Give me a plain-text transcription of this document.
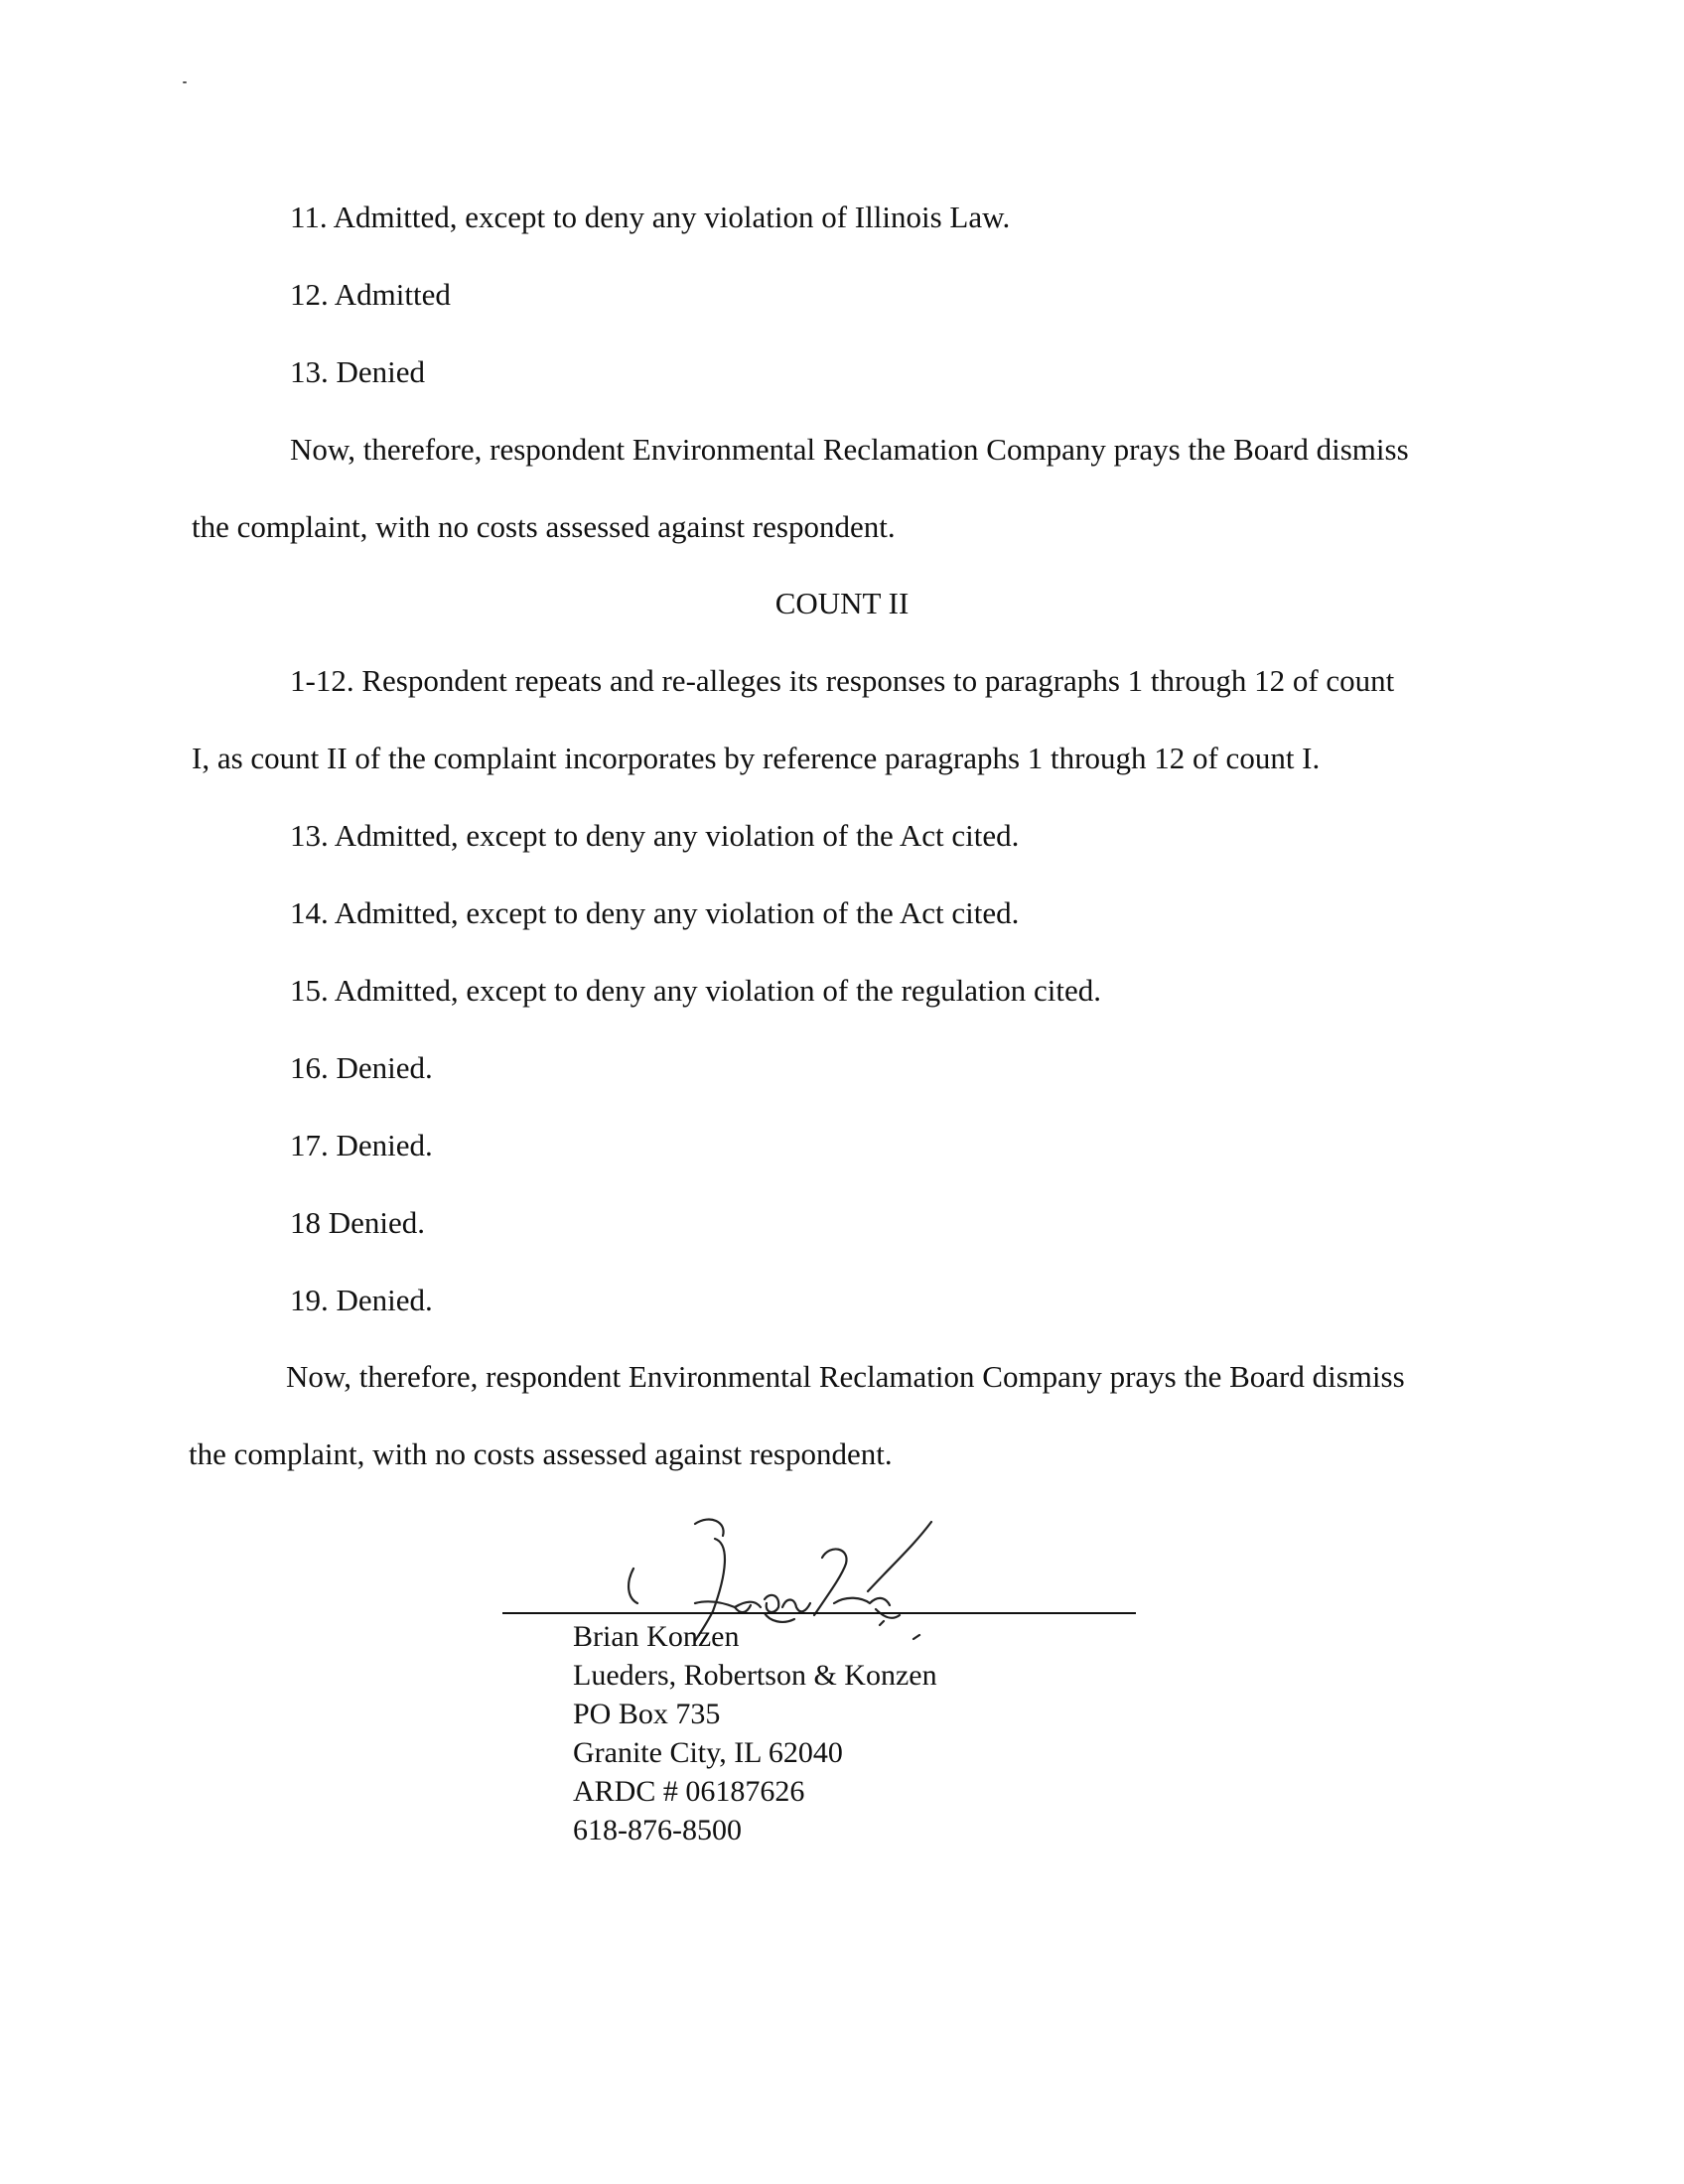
11. Admitted, except to deny any violation of Illinois Law.
12. Admitted
13. Denied
Now, therefore, respondent Environmental Reclamation Company prays the Board dismiss
the complaint, with no costs assessed against respondent.
COUNT II
1-12. Respondent repeats and re-alleges its responses to paragraphs 1 through 12 of count
I, as count II of the complaint incorporates by reference paragraphs 1 through 12 of count I.
13. Admitted, except to deny any violation of the Act cited.
14. Admitted, except to deny any violation of the Act cited.
15. Admitted, except to deny any violation of the regulation cited.
16. Denied.
17. Denied.
18 Denied.
19. Denied.
Now, therefore, respondent Environmental Reclamation Company prays the Board dismiss
the complaint, with no costs assessed against respondent.
Brian Konzen
Lueders, Robertson & Konzen
PO Box 735
Granite City, IL 62040
ARDC # 06187626
618-876-8500
